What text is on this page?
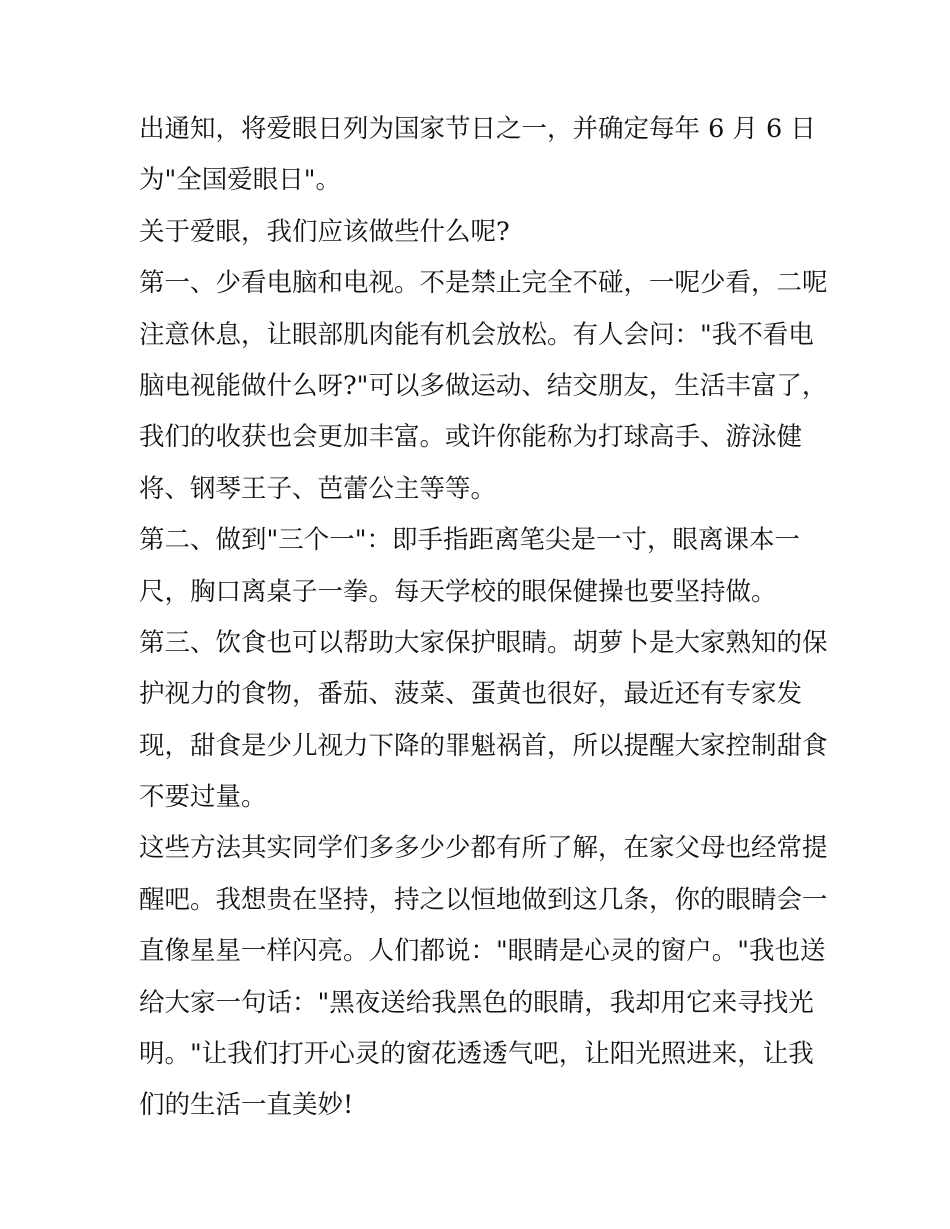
出通知，将爱眼日列为国家节日之一，并确定每年 6 月 6 日
为"全国爱眼日"。
关于爱眼，我们应该做些什么呢?
第一、少看电脑和电视。不是禁止完全不碰，一呢少看，二呢
注意休息，让眼部肌肉能有机会放松。有人会问："我不看电
脑电视能做什么呀?"可以多做运动、结交朋友，生活丰富了，
我们的收获也会更加丰富。或许你能称为打球高手、游泳健
将、钢琴王子、芭蕾公主等等。
第二、做到"三个一"：即手指距离笔尖是一寸，眼离课本一
尺，胸口离桌子一拳。每天学校的眼保健操也要坚持做。
第三、饮食也可以帮助大家保护眼睛。胡萝卜是大家熟知的保
护视力的食物，番茄、菠菜、蛋黄也很好，最近还有专家发
现，甜食是少儿视力下降的罪魁祸首，所以提醒大家控制甜食
不要过量。
这些方法其实同学们多多少少都有所了解，在家父母也经常提
醒吧。我想贵在坚持，持之以恒地做到这几条，你的眼睛会一
直像星星一样闪亮。人们都说："眼睛是心灵的窗户。"我也送
给大家一句话："黑夜送给我黑色的眼睛，我却用它来寻找光
明。"让我们打开心灵的窗花透透气吧，让阳光照进来，让我
们的生活一直美妙!
